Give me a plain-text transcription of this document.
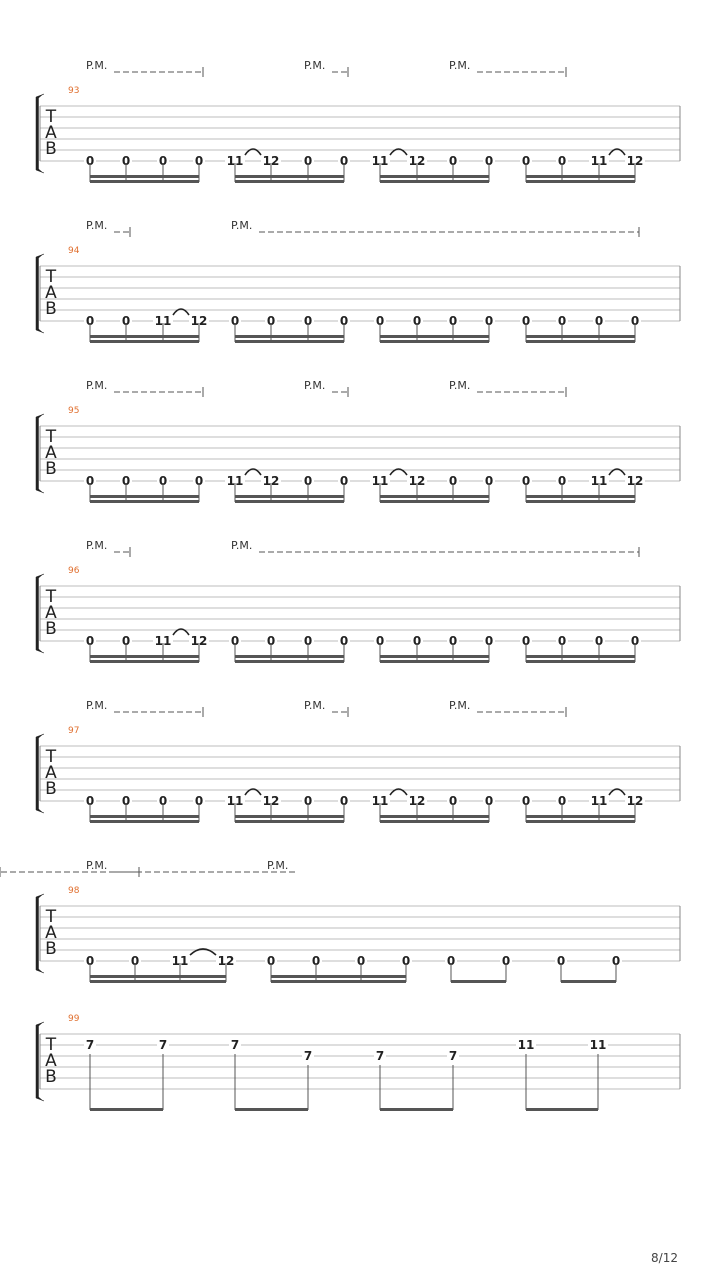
8/12
T
A
B
93
P.M.	P.M.	P.M.
0 0 0 0 11 12 0 0 11 12 0 0 0 0 11 12
T
A
B
94
P.M.	P.M.
0 0 11 12 0 0 0 0 0 0 0 0 0 0 0 0
T
A
B
95
P.M.	P.M.	P.M.
0 0 0 0 11 12 0 0 11 12 0 0 0 0 11 12
T
A
B
96
P.M.	P.M.
0 0 11 12 0 0 0 0 0 0 0 0 0 0 0 0
T
A
B
97
P.M.	P.M.	P.M.
0 0 0 0 11 12 0 0 11 12 0 0 0 0 11 12
T
A
B
98
P.M.	P.M.
0	0	11 12	0	0	0	0	0	0	0	0
T
A
B
99
7	7	7
7	7	7
11	11
